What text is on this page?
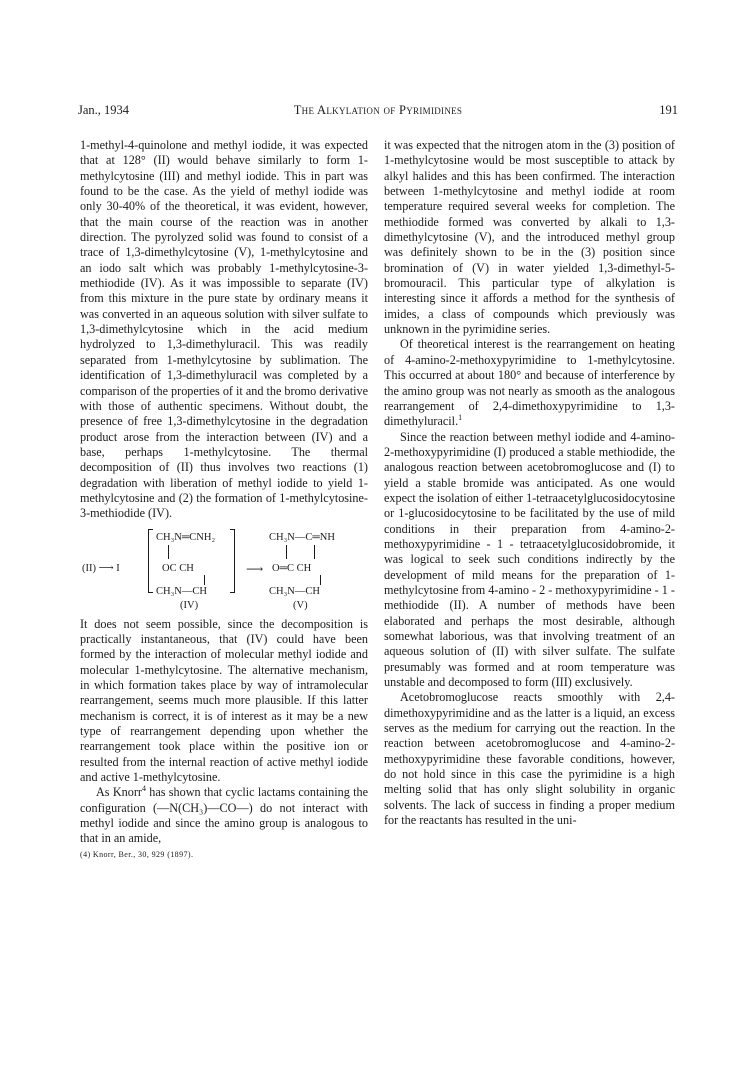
Jan., 1934	The Alkylation of Pyrimidines	191

1-methyl-4-quinolone and methyl iodide, it was expected that at 128° (II) would behave similarly to form 1-methylcytosine (III) and methyl iodide. This in part was found to be the case. As the yield of methyl iodide was only 30-40% of the theoretical, it was evident, however, that the main course of the reaction was in another direction. The pyrolyzed solid was found to consist of a trace of 1,3-dimethylcytosine (V), 1-methylcytosine and an iodo salt which was probably 1-methylcytosine-3-methiodide (IV). As it was impossible to separate (IV) from this mixture in the pure state by ordinary means it was converted in an aqueous solution with silver sulfate to 1,3-dimethylcytosine which in the acid medium hydrolyzed to 1,3-dimethyluracil. This was readily separated from 1-methylcytosine by sublimation. The identification of 1,3-dimethyluracil was completed by a comparison of the properties of it and the bromo derivative with those of authentic specimens. Without doubt, the presence of free 1,3-dimethylcytosine in the degradation product arose from the interaction between (IV) and a base, perhaps 1-methylcytosine. The thermal decomposition of (II) thus involves two reactions (1) degradation with liberation of methyl iodide to yield 1-methylcytosine and (2) the formation of 1-methylcytosine-3-methiodide (IV).

(II) ⟶ I
CH₃N═CNH₂
OC CH
CH₃N—CH
(IV)
⟶
CH₃N—C═NH
O═C CH
CH₃N—CH
(V)

It does not seem possible, since the decomposition is practically instantaneous, that (IV) could have been formed by the interaction of molecular methyl iodide and molecular 1-methylcytosine. The alternative mechanism, in which formation takes place by way of intramolecular rearrangement, seems much more plausible. If this latter mechanism is correct, it is of interest as it may be a new type of rearrangement depending upon whether the rearrangement took place within the positive ion or resulted from the internal reaction of active methyl iodide and active 1-methylcytosine.

As Knorr$^4$ has shown that cyclic lactams containing the configuration (—N(CH₃)—CO—) do not interact with methyl iodide and since the amino group is analogous to that in an amide,

(4) Knorr, Ber., 30, 929 (1897).

it was expected that the nitrogen atom in the (3) position of 1-methylcytosine would be most susceptible to attack by alkyl halides and this has been confirmed. The interaction between 1-methylcytosine and methyl iodide at room temperature required several weeks for completion. The methiodide formed was converted by alkali to 1,3-dimethylcytosine (V), and the introduced methyl group was definitely shown to be in the (3) position since bromination of (V) in water yielded 1,3-dimethyl-5-bromouracil. This particular type of alkylation is interesting since it affords a method for the synthesis of imides, a class of compounds which previously was unknown in the pyrimidine series.

Of theoretical interest is the rearrangement on heating of 4-amino-2-methoxypyrimidine to 1-methylcytosine. This occurred at about 180° and because of interference by the amino group was not nearly as smooth as the analogous rearrangement of 2,4-dimethoxypyrimidine to 1,3-dimethyluracil.$^1$

Since the reaction between methyl iodide and 4-amino-2-methoxypyrimidine (I) produced a stable methiodide, the analogous reaction between acetobromoglucose and (I) to yield a stable bromide was anticipated. As one would expect the isolation of either 1-tetraacetylglucosidocytosine or 1-glucosidocytosine to be facilitated by the use of mild conditions in their preparation from 4-amino-2-methoxypyrimidine - 1 - tetraacetylglucosidobromide, it was logical to seek such conditions indirectly by the development of mild means for the preparation of 1-methylcytosine from 4-amino - 2 - methoxypyrimidine - 1 - methiodide (II). A number of methods have been elaborated and perhaps the most desirable, although somewhat laborious, was that involving treatment of an aqueous solution of (II) with silver sulfate. The sulfate presumably was formed and at room temperature was unstable and decomposed to form (III) exclusively.

Acetobromoglucose reacts smoothly with 2,4-dimethoxypyrimidine and as the latter is a liquid, an excess serves as the medium for carrying out the reaction. In the reaction between acetobromoglucose and 4-amino-2-methoxypyrimidine these favorable conditions, however, do not hold since in this case the pyrimidine is a high melting solid that has only slight solubility in organic solvents. The lack of success in finding a proper medium for the reactants has resulted in the uni-
